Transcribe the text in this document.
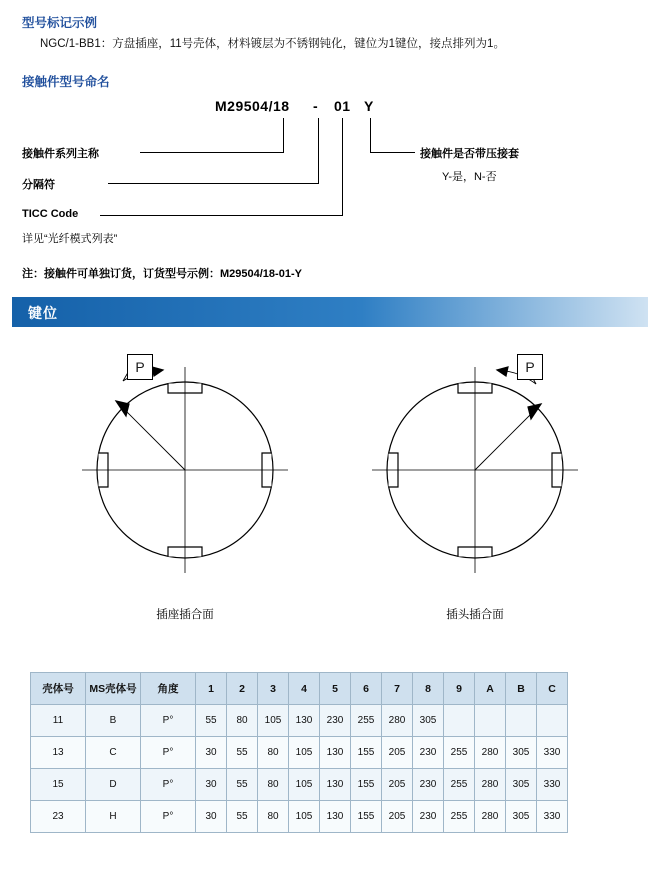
型号标记示例
NGC/1-BB1：方盘插座，11号壳体，材料镀层为不锈钢钝化，键位为1键位，接点排列为1。
接触件型号命名
M29504/18 - 01 Y
接触件系列主称
分隔符
TICC Code
详见“光纤模式列表”
接触件是否带压接套
Y-是，N-否
注：接触件可单独订货，订货型号示例：M29504/18-01-Y
键位
P	P
插座插合面	插头插合面
壳体号	MS壳体号	角度	1	2	3	4	5	6	7	8	9	A	B	C
11	B	P°	55	80	105	130	230	255	280	305				
13	C	P°	30	55	80	105	130	155	205	230	255	280	305	330
15	D	P°	30	55	80	105	130	155	205	230	255	280	305	330
23	H	P°	30	55	80	105	130	155	205	230	255	280	305	330
